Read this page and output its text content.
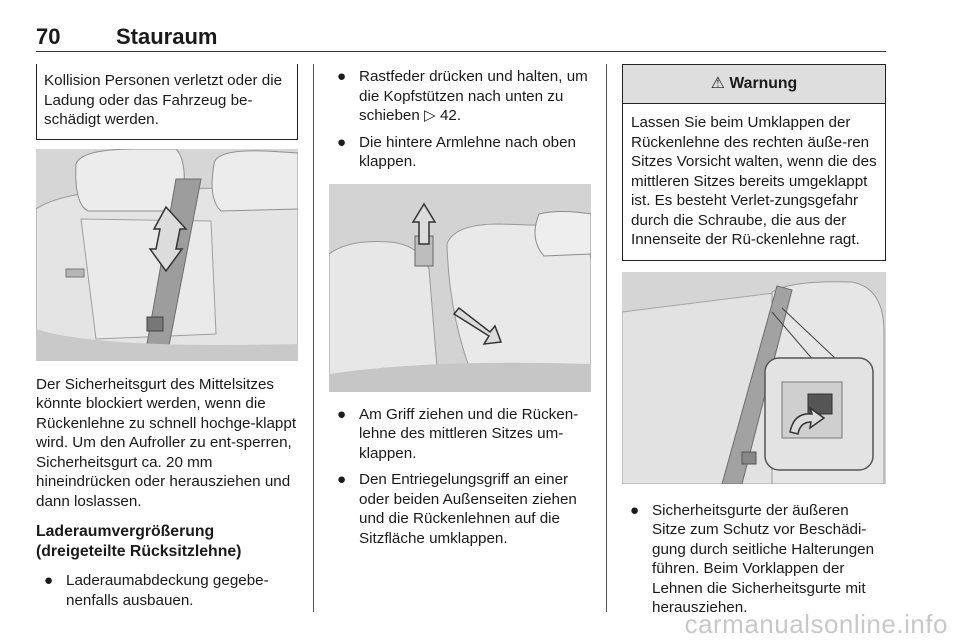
70	Stauraum

Kollision Personen verletzt oder die Ladung oder das Fahrzeug be-schädigt werden.

Der Sicherheitsgurt des Mittelsitzes könnte blockiert werden, wenn die Rückenlehne zu schnell hochge-klappt wird. Um den Aufroller zu ent-sperren, Sicherheitsgurt ca. 20 mm hineindrücken oder herausziehen und dann loslassen.

Laderaumvergrößerung

(dreigeteilte Rücksitzlehne)

● Laderaumabdeckung gegebe-nenfalls ausbauen.
● Rastfeder drücken und halten, um die Kopfstützen nach unten zu schieben ▷ 42.
● Die hintere Armlehne nach oben klappen.
● Am Griff ziehen und die Rücken-lehne des mittleren Sitzes um-klappen.
● Den Entriegelungsgriff an einer oder beiden Außenseiten ziehen und die Rückenlehnen auf die Sitzfläche umklappen.
⚠ Warnung

Lassen Sie beim Umklappen der Rückenlehne des rechten äuße-ren Sitzes Vorsicht walten, wenn die des mittleren Sitzes bereits umgeklappt ist. Es besteht Verlet-zungsgefahr durch die Schraube, die aus der Innenseite der Rü-ckenlehne ragt.

● Sicherheitsgurte der äußeren Sitze zum Schutz vor Beschädi-gung durch seitliche Halterungen führen. Beim Vorklappen der Lehnen die Sicherheitsgurte mit herausziehen.
carmanualsonline.info
